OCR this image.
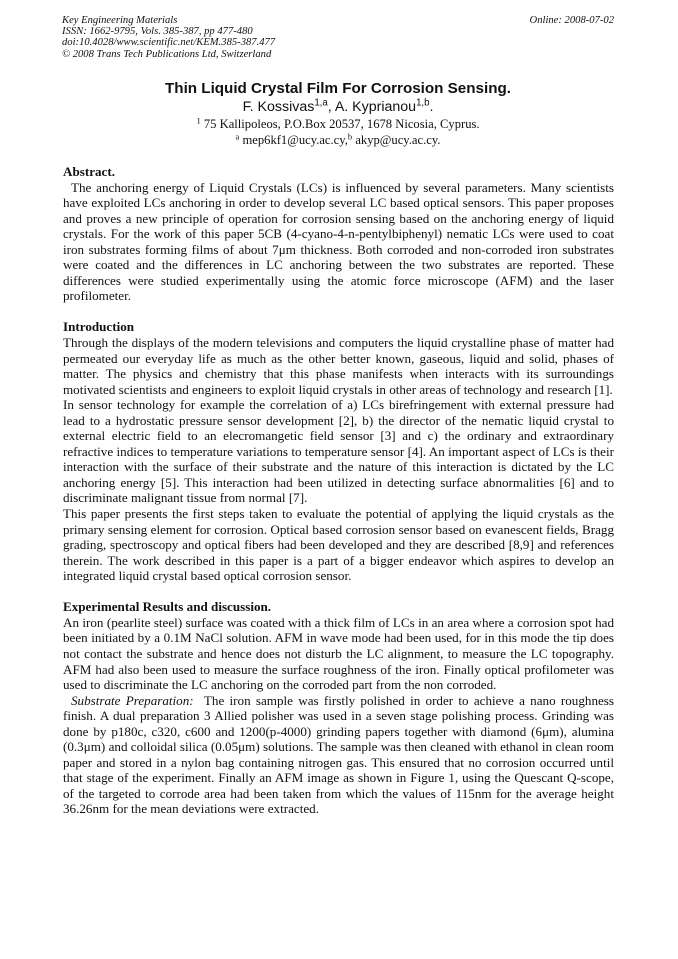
Key Engineering Materials
ISSN: 1662-9795, Vols. 385-387, pp 477-480
doi:10.4028/www.scientific.net/KEM.385-387.477
© 2008 Trans Tech Publications Ltd, Switzerland
Online: 2008-07-02
Thin Liquid Crystal Film For Corrosion Sensing.
F. Kossivas$^{1,a}$, A. Kyprianou$^{1,b}$.
$^1$ 75 Kallipoleos, P.O.Box 20537, 1678 Nicosia, Cyprus.
$^a$ mep6kf1@ucy.ac.cy,$^b$ akyp@ucy.ac.cy.
Abstract.

The anchoring energy of Liquid Crystals (LCs) is influenced by several parameters. Many scientists have exploited LCs anchoring in order to develop several LC based optical sensors. This paper proposes and proves a new principle of operation for corrosion sensing based on the anchoring energy of liquid crystals. For the work of this paper 5CB (4-cyano-4-n-pentylbiphenyl) nematic LCs were used to coat iron substrates forming films of about 7μm thickness. Both corroded and non-corroded iron substrates were coated and the differences in LC anchoring between the two substrates are reported. These differences were studied experimentally using the atomic force microscope (AFM) and the laser profilometer.

Introduction

Through the displays of the modern televisions and computers the liquid crystalline phase of matter had permeated our everyday life as much as the other better known, gaseous, liquid and solid, phases of matter. The physics and chemistry that this phase manifests when interacts with its surroundings motivated scientists and engineers to exploit liquid crystals in other areas of technology and research [1].

In sensor technology for example the correlation of a) LCs birefringement with external pressure had lead to a hydrostatic pressure sensor development [2], b) the director of the nematic liquid crystal to external electric field to an elecromangetic field sensor [3] and c) the ordinary and extraordinary refractive indices to temperature variations to temperature sensor [4]. An important aspect of LCs is their interaction with the surface of their substrate and the nature of this interaction is dictated by the LC anchoring energy [5]. This interaction had been utilized in detecting surface abnormalities [6] and to discriminate malignant tissue from normal [7].

This paper presents the first steps taken to evaluate the potential of applying the liquid crystals as the primary sensing element for corrosion. Optical based corrosion sensor based on evanescent fields, Bragg grading, spectroscopy and optical fibers had been developed and they are described [8,9] and references therein. The work described in this paper is a part of a bigger endeavor which aspires to develop an integrated liquid crystal based optical corrosion sensor.

Experimental Results and discussion.

An iron (pearlite steel) surface was coated with a thick film of LCs in an area where a corrosion spot had been initiated by a 0.1M NaCl solution. AFM in wave mode had been used, for in this mode the tip does not contact the substrate and hence does not disturb the LC alignment, to measure the LC topography. AFM had also been used to measure the surface roughness of the iron. Finally optical profilometer was used to discriminate the LC anchoring on the corroded part from the non corroded.

Substrate Preparation: The iron sample was firstly polished in order to achieve a nano roughness finish. A dual preparation 3 Allied polisher was used in a seven stage polishing process. Grinding was done by p180c, c320, c600 and 1200(p-4000) grinding papers together with diamond (6μm), alumina (0.3μm) and colloidal silica (0.05μm) solutions. The sample was then cleaned with ethanol in clean room paper and stored in a nylon bag containing nitrogen gas. This ensured that no corrosion occurred until that stage of the experiment. Finally an AFM image as shown in Figure 1, using the Quescant Q-scope, of the targeted to corrode area had been taken from which the values of 115nm for the average height 36.26nm for the mean deviations were extracted.
